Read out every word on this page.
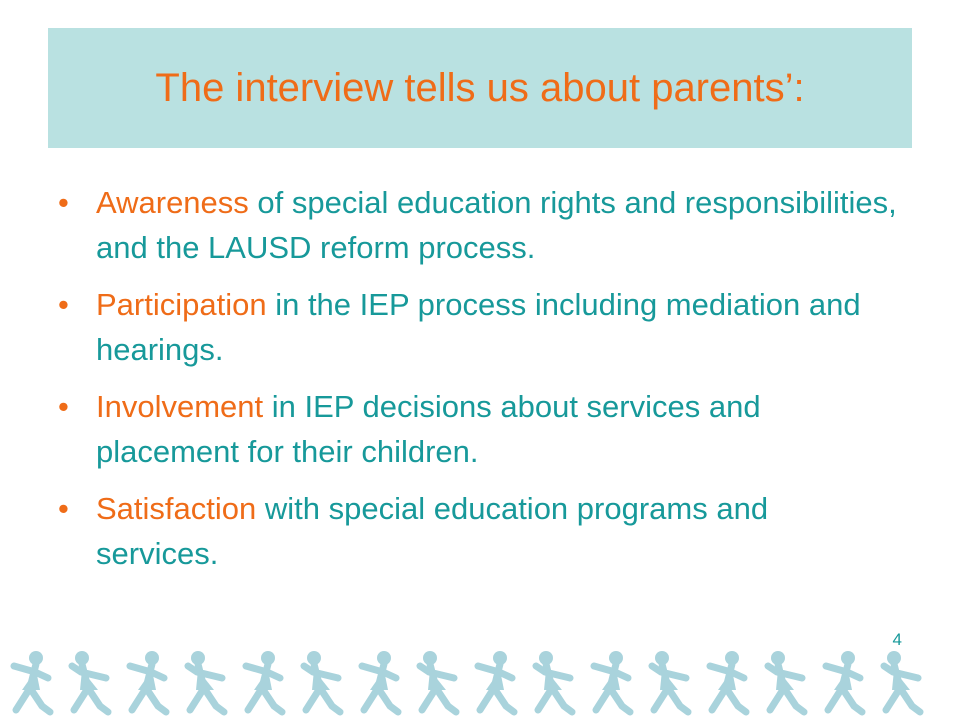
The interview tells us about parents’:
• Awareness of special education rights and responsibilities, and the LAUSD reform process.
• Participation in the IEP process including mediation and hearings.
• Involvement in IEP decisions about services and placement for their children.
• Satisfaction with special education programs and services.
4
